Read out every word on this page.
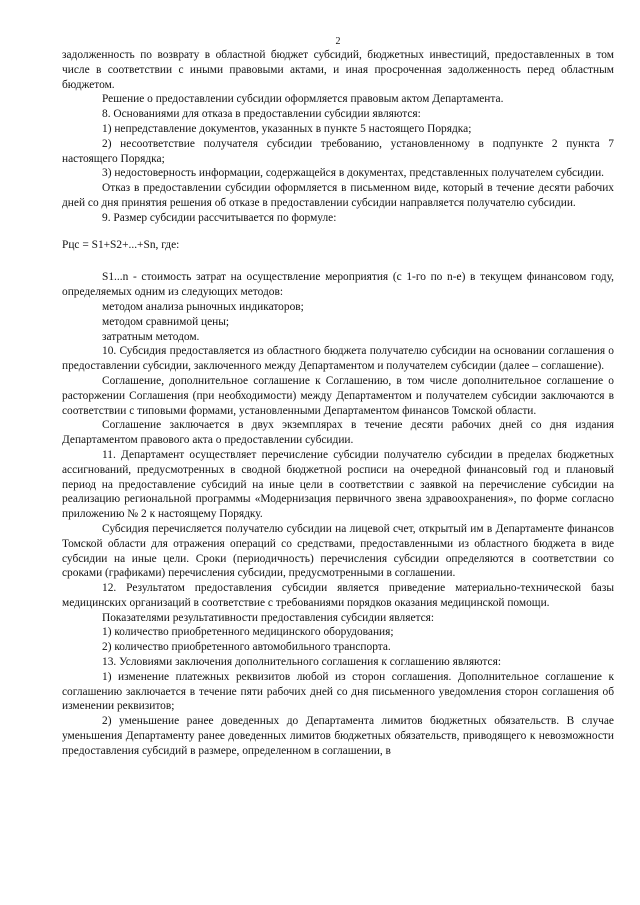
2

задолженность по возврату в областной бюджет субсидий, бюджетных инвестиций, предоставленных в том числе в соответствии с иными правовыми актами, и иная просроченная задолженность перед областным бюджетом.

Решение о предоставлении субсидии оформляется правовым актом Департамента.

8. Основаниями для отказа в предоставлении субсидии являются:

1) непредставление документов, указанных в пункте 5 настоящего Порядка;

2) несоответствие получателя субсидии требованию, установленному в подпункте 2 пункта 7 настоящего Порядка;

3) недостоверность информации, содержащейся в документах, представленных получателем субсидии.

Отказ в предоставлении субсидии оформляется в письменном виде, который в течение десяти рабочих дней со дня принятия решения об отказе в предоставлении субсидии направляется получателю субсидии.

9. Размер субсидии рассчитывается по формуле:

Рцс = S1+S2+...+Sn, где:

S1...n - стоимость затрат на осуществление мероприятия (с 1-го по n-е) в текущем финансовом году, определяемых одним из следующих методов:

методом анализа рыночных индикаторов;

методом сравнимой цены;

затратным методом.

10. Субсидия предоставляется из областного бюджета получателю субсидии на основании соглашения о предоставлении субсидии, заключенного между Департаментом и получателем субсидии (далее – соглашение).

Соглашение, дополнительное соглашение к Соглашению, в том числе дополнительное соглашение о расторжении Соглашения (при необходимости) между Департаментом и получателем субсидии заключаются в соответствии с типовыми формами, установленными Департаментом финансов Томской области.

Соглашение заключается в двух экземплярах в течение десяти рабочих дней со дня издания Департаментом правового акта о предоставлении субсидии.

11. Департамент осуществляет перечисление субсидии получателю субсидии в пределах бюджетных ассигнований, предусмотренных в сводной бюджетной росписи на очередной финансовый год и плановый период на предоставление субсидий на иные цели в соответствии с заявкой на перечисление субсидии на реализацию региональной программы «Модернизация первичного звена здравоохранения», по форме согласно приложению № 2 к настоящему Порядку.

Субсидия перечисляется получателю субсидии на лицевой счет, открытый им в Департаменте финансов Томской области для отражения операций со средствами, предоставленными из областного бюджета в виде субсидии на иные цели. Сроки (периодичность) перечисления субсидии определяются в соответствии со сроками (графиками) перечисления субсидии, предусмотренными в соглашении.

12. Результатом предоставления субсидии является приведение материально-технической базы медицинских организаций в соответствие с требованиями порядков оказания медицинской помощи.

Показателями результативности предоставления субсидии является:

1) количество приобретенного медицинского оборудования;

2) количество приобретенного автомобильного транспорта.

13. Условиями заключения дополнительного соглашения к соглашению являются:

1) изменение платежных реквизитов любой из сторон соглашения. Дополнительное соглашение к соглашению заключается в течение пяти рабочих дней со дня письменного уведомления сторон соглашения об изменении реквизитов;

2) уменьшение ранее доведенных до Департамента лимитов бюджетных обязательств. В случае уменьшения Департаменту ранее доведенных лимитов бюджетных обязательств, приводящего к невозможности предоставления субсидий в размере, определенном в соглашении, в
